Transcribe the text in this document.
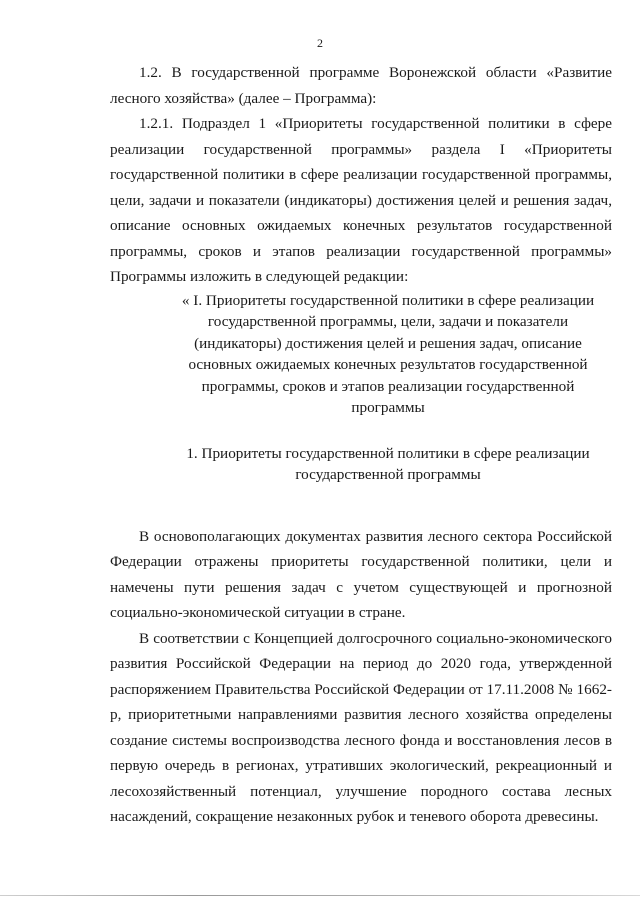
2

1.2. В государственной программе Воронежской области «Развитие лесного хозяйства» (далее – Программа):

1.2.1. Подраздел 1 «Приоритеты государственной политики в сфере реализации государственной программы» раздела I «Приоритеты государственной политики в сфере реализации государственной программы, цели, задачи и показатели (индикаторы) достижения целей и решения задач, описание основных ожидаемых конечных результатов государственной программы, сроков и этапов реализации государственной программы» Программы изложить в следующей редакции:

« I. Приоритеты государственной политики в сфере реализации государственной программы, цели, задачи и показатели (индикаторы) достижения целей и решения задач, описание основных ожидаемых конечных результатов государственной программы, сроков и этапов реализации государственной программы

1. Приоритеты государственной политики в сфере реализации государственной программы

В основополагающих документах развития лесного сектора Российской Федерации отражены приоритеты государственной политики, цели и намечены пути решения задач с учетом существующей и прогнозной социально-экономической ситуации в стране.

В соответствии с Концепцией долгосрочного социально-экономического развития Российской Федерации на период до 2020 года, утвержденной распоряжением Правительства Российской Федерации от 17.11.2008 № 1662-р, приоритетными направлениями развития лесного хозяйства определены создание системы воспроизводства лесного фонда и восстановления лесов в первую очередь в регионах, утративших экологический, рекреационный и лесохозяйственный потенциал, улучшение породного состава лесных насаждений, сокращение незаконных рубок и теневого оборота древесины.
